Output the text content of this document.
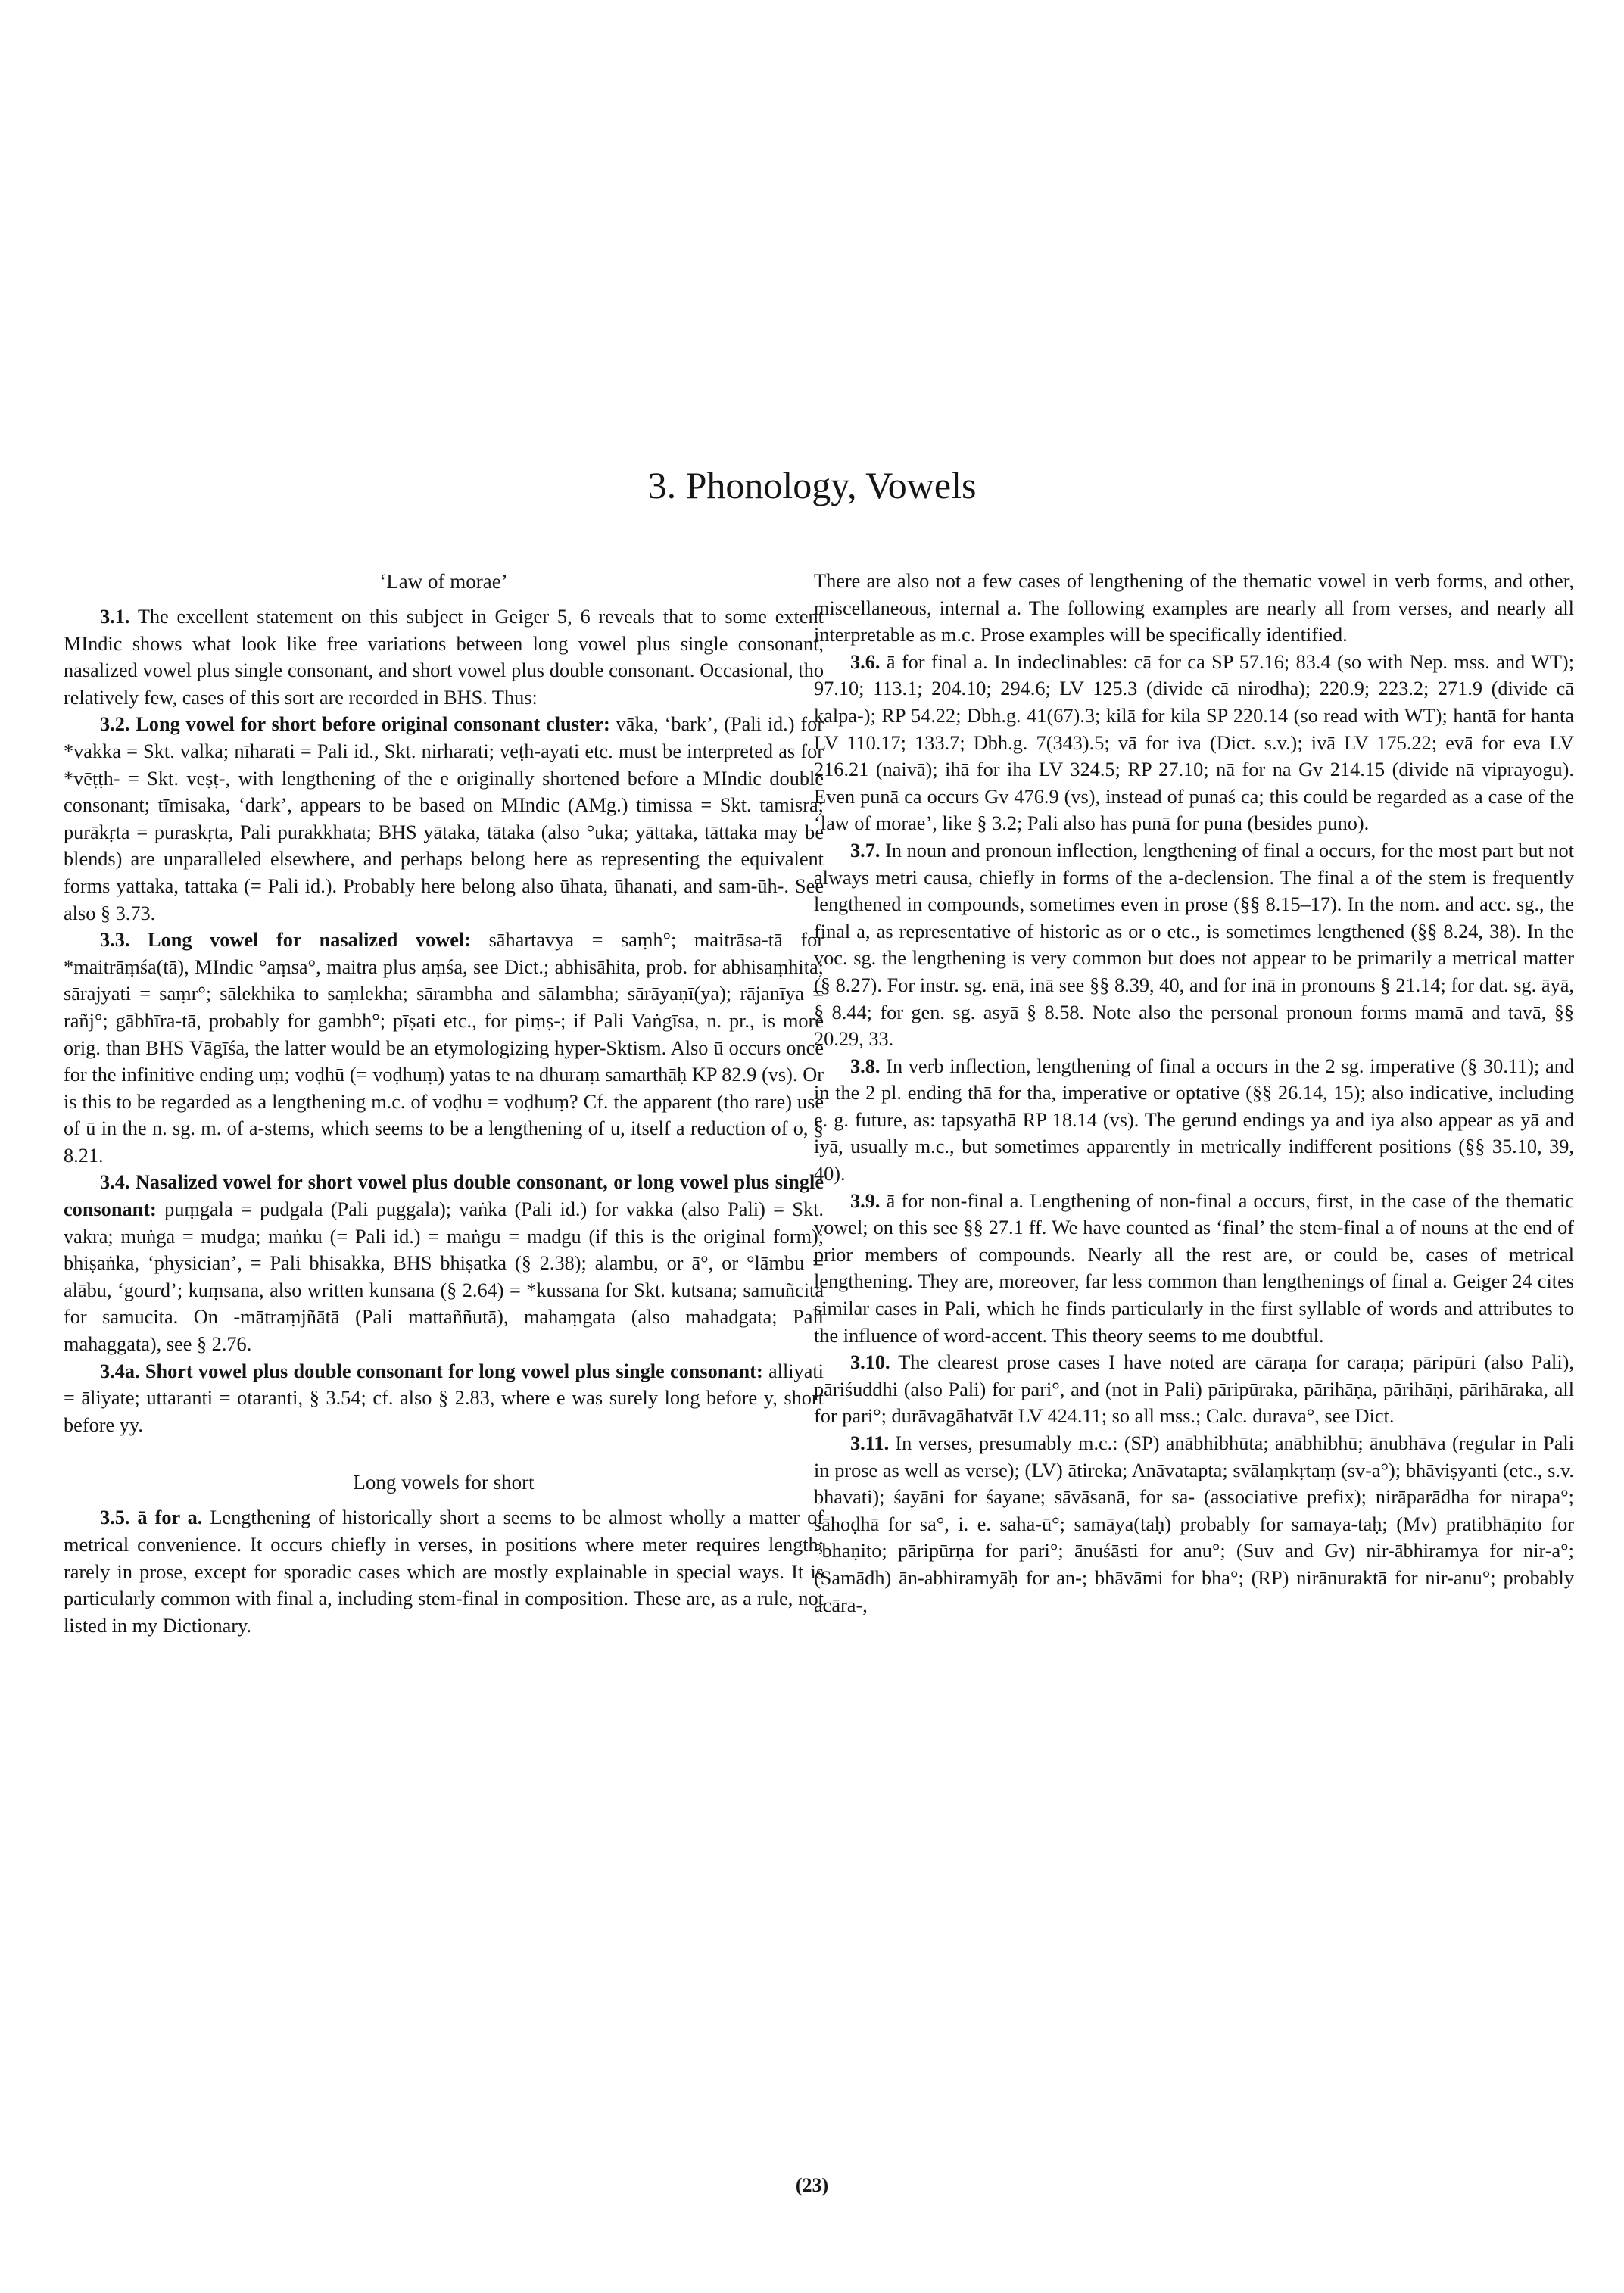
3. Phonology, Vowels
‘Law of morae’

3.1. The excellent statement on this subject in Geiger 5, 6 reveals that to some extent MIndic shows what look like free variations between long vowel plus single consonant, nasalized vowel plus single consonant, and short vowel plus double consonant. Occasional, tho relatively few, cases of this sort are recorded in BHS. Thus:

3.2. Long vowel for short before original consonant cluster: vāka, ‘bark’, (Pali id.) for *vakka = Skt. valka; nīharati = Pali id., Skt. nirharati; veṭh-ayati etc. must be interpreted as for *vēṭṭh- = Skt. veṣṭ-, with lengthening of the e originally shortened before a MIndic double consonant; tīmisaka, ‘dark’, appears to be based on MIndic (AMg.) timissa = Skt. tamisra; purākṛta = puraskṛta, Pali purakkhata; BHS yātaka, tātaka (also °uka; yāttaka, tāttaka may be blends) are unparalleled elsewhere, and perhaps belong here as representing the equivalent forms yattaka, tattaka (= Pali id.). Probably here belong also ūhata, ūhanati, and sam-ūh-. See also § 3.73.

3.3. Long vowel for nasalized vowel: sāhartavya = saṃh°; maitrāsa-tā for *maitrāṃśa(tā), MIndic °aṃsa°, maitra plus aṃśa, see Dict.; abhisāhita, prob. for abhisaṃhita; sārajyati = saṃr°; sālekhika to saṃlekha; sārambha and sālambha; sārāyaṇī(ya); rājanīya = rañj°; gābhīra-tā, probably for gambh°; pīṣati etc., for piṃṣ-; if Pali Vaṅgīsa, n. pr., is more orig. than BHS Vāgīśa, the latter would be an etymologizing hyper-Sktism. Also ū occurs once for the infinitive ending uṃ; voḍhū (= voḍhuṃ) yatas te na dhuraṃ samarthāḥ KP 82.9 (vs). Or is this to be regarded as a lengthening m.c. of voḍhu = voḍhuṃ? Cf. the apparent (tho rare) use of ū in the n. sg. m. of a-stems, which seems to be a lengthening of u, itself a reduction of o, § 8.21.

3.4. Nasalized vowel for short vowel plus double consonant, or long vowel plus single consonant: puṃgala = pudgala (Pali puggala); vaṅka (Pali id.) for vakka (also Pali) = Skt. vakra; muṅga = mudga; maṅku (= Pali id.) = maṅgu = madgu (if this is the original form); bhiṣaṅka, ‘physician’, = Pali bhisakka, BHS bhiṣatka (§ 2.38); alambu, or ā°, or °lāmbu = alābu, ‘gourd’; kuṃsana, also written kunsana (§ 2.64) = *kussana for Skt. kutsana; samuñcita for samucita. On -mātraṃjñātā (Pali mattaññutā), mahaṃgata (also mahadgata; Pali mahaggata), see § 2.76.

3.4a. Short vowel plus double consonant for long vowel plus single consonant: alliyati = āliyate; uttaranti = otaranti, § 3.54; cf. also § 2.83, where e was surely long before y, short before yy.

Long vowels for short

3.5. ā for a. Lengthening of historically short a seems to be almost wholly a matter of metrical convenience. It occurs chiefly in verses, in positions where meter requires length; rarely in prose, except for sporadic cases which are mostly explainable in special ways. It is particularly common with final a, including stem-final in composition. These are, as a rule, not listed in my Dictionary.

There are also not a few cases of lengthening of the thematic vowel in verb forms, and other, miscellaneous, internal a. The following examples are nearly all from verses, and nearly all interpretable as m.c. Prose examples will be specifically identified.

3.6. ā for final a. In indeclinables: cā for ca SP 57.16; 83.4 (so with Nep. mss. and WT); 97.10; 113.1; 204.10; 294.6; LV 125.3 (divide cā nirodha); 220.9; 223.2; 271.9 (divide cā kalpa-); RP 54.22; Dbh.g. 41(67).3; kilā for kila SP 220.14 (so read with WT); hantā for hanta LV 110.17; 133.7; Dbh.g. 7(343).5; vā for iva (Dict. s.v.); ivā LV 175.22; evā for eva LV 216.21 (naivā); ihā for iha LV 324.5; RP 27.10; nā for na Gv 214.15 (divide nā viprayogu). Even punā ca occurs Gv 476.9 (vs), instead of punaś ca; this could be regarded as a case of the ‘law of morae’, like § 3.2; Pali also has punā for puna (besides puno).

3.7. In noun and pronoun inflection, lengthening of final a occurs, for the most part but not always metri causa, chiefly in forms of the a-declension. The final a of the stem is frequently lengthened in compounds, sometimes even in prose (§§ 8.15–17). In the nom. and acc. sg., the final a, as representative of historic as or o etc., is sometimes lengthened (§§ 8.24, 38). In the voc. sg. the lengthening is very common but does not appear to be primarily a metrical matter (§ 8.27). For instr. sg. enā, inā see §§ 8.39, 40, and for inā in pronouns § 21.14; for dat. sg. āyā, § 8.44; for gen. sg. asyā § 8.58. Note also the personal pronoun forms mamā and tavā, §§ 20.29, 33.

3.8. In verb inflection, lengthening of final a occurs in the 2 sg. imperative (§ 30.11); and in the 2 pl. ending thā for tha, imperative or optative (§§ 26.14, 15); also indicative, including e. g. future, as: tapsyathā RP 18.14 (vs). The gerund endings ya and iya also appear as yā and iyā, usually m.c., but sometimes apparently in metrically indifferent positions (§§ 35.10, 39, 40).

3.9. ā for non-final a. Lengthening of non-final a occurs, first, in the case of the thematic vowel; on this see §§ 27.1 ff. We have counted as ‘final’ the stem-final a of nouns at the end of prior members of compounds. Nearly all the rest are, or could be, cases of metrical lengthening. They are, moreover, far less common than lengthenings of final a. Geiger 24 cites similar cases in Pali, which he finds particularly in the first syllable of words and attributes to the influence of word-accent. This theory seems to me doubtful.

3.10. The clearest prose cases I have noted are cāraṇa for caraṇa; pāripūri (also Pali), pāriśuddhi (also Pali) for pari°, and (not in Pali) pāripūraka, pārihāṇa, pārihāṇi, pārihāraka, all for pari°; durāvagāhatvāt LV 424.11; so all mss.; Calc. durava°, see Dict.

3.11. In verses, presumably m.c.: (SP) anābhibhūta; anābhibhū; ānubhāva (regular in Pali in prose as well as verse); (LV) ātireka; Anāvatapta; svālaṃkṛtaṃ (sv-a°); bhāviṣyanti (etc., s.v. bhavati); śayāni for śayane; sāvāsanā, for sa- (associative prefix); nirāparādha for nirapa°; sāhoḍhā for sa°, i. e. saha-ū°; samāya(taḥ) probably for samaya-taḥ; (Mv) pratibhāṇito for °bhaṇito; pāripūrṇa for pari°; ānuśāsti for anu°; (Suv and Gv) nir-ābhiramya for nir-a°; (Samādh) ān-abhiramyāḥ for an-; bhāvāmi for bha°; (RP) nirānuraktā for nir-anu°; probably acāra-,

(23)
